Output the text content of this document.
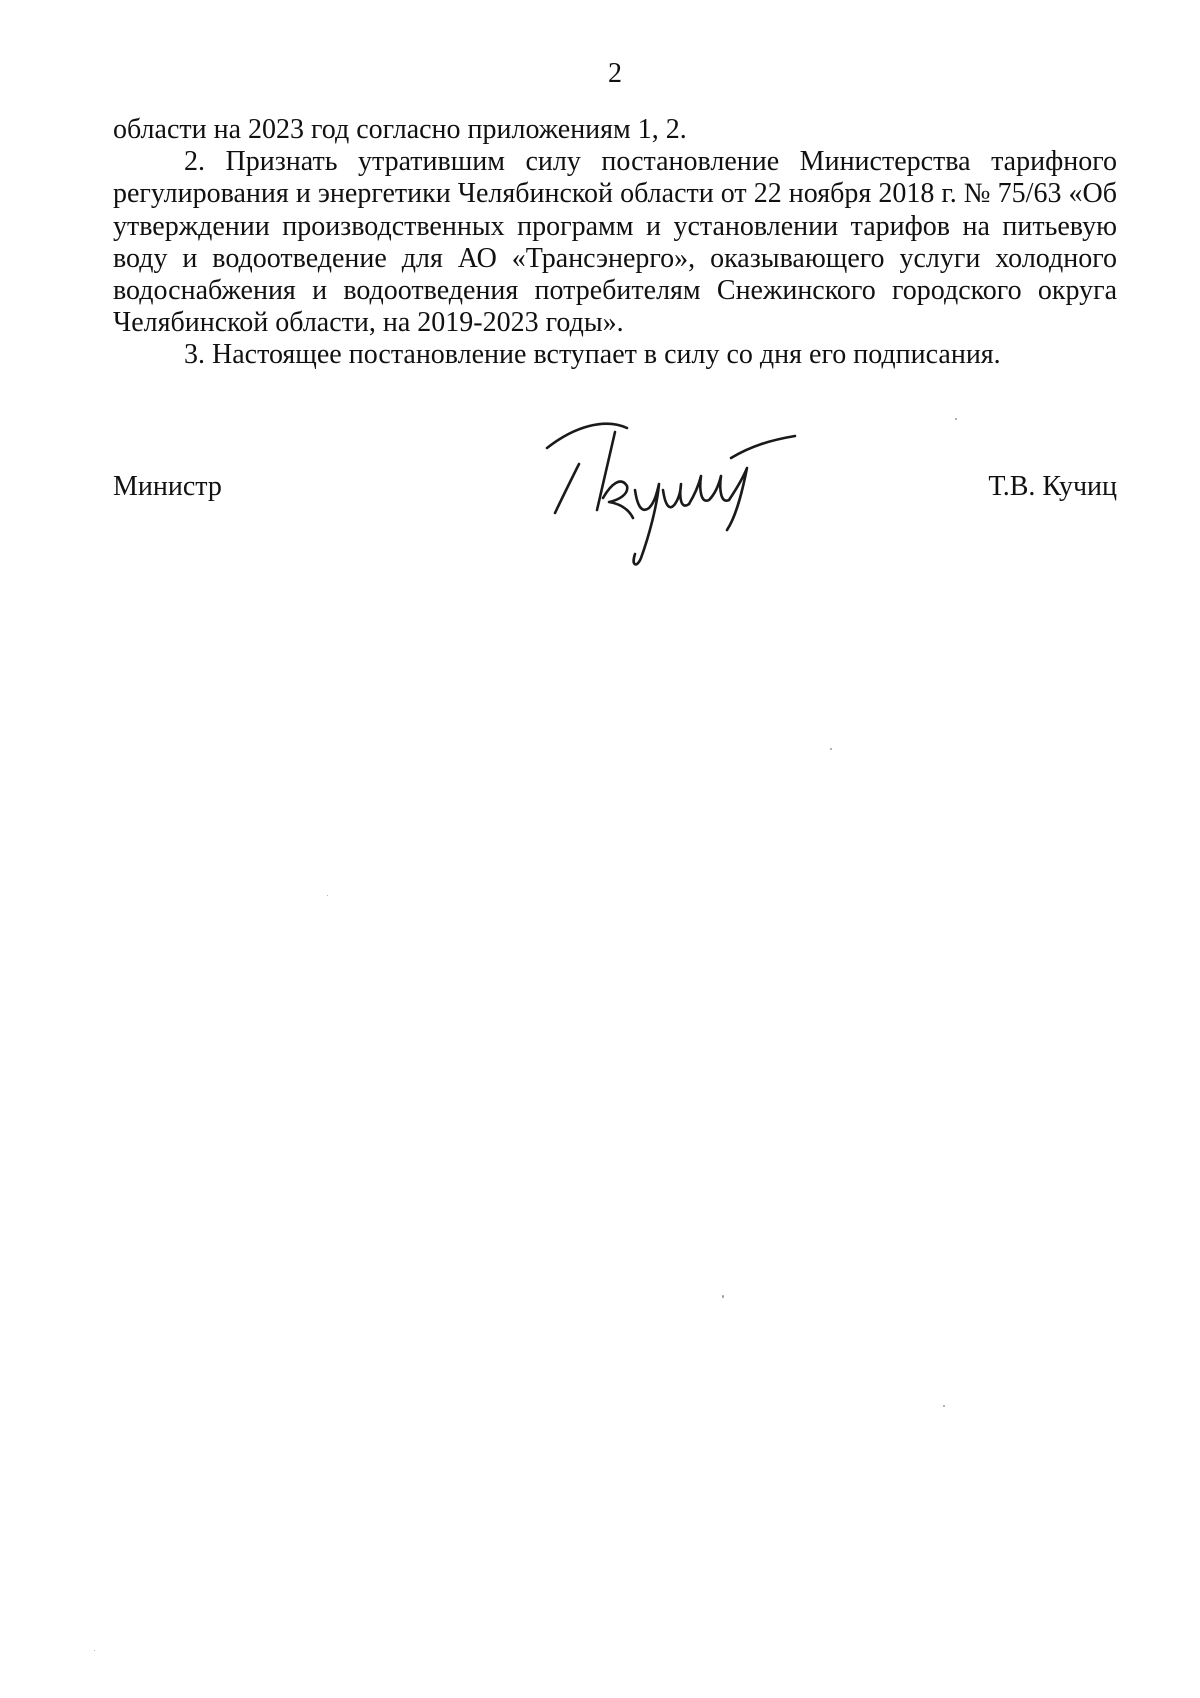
2

области на 2023 год согласно приложениям 1, 2.

2. Признать утратившим силу постановление Министерства тарифного регулирования и энергетики Челябинской области от 22 ноября 2018 г. № 75/63 «Об утверждении производственных программ и установлении тарифов на питьевую воду и водоотведение для АО «Трансэнерго», оказывающего услуги холодного водоснабжения и водоотведения потребителям Снежинского городского округа Челябинской области, на 2019-2023 годы».

3. Настоящее постановление вступает в силу со дня его подписания.

Министр	Т.В. Кучиц
